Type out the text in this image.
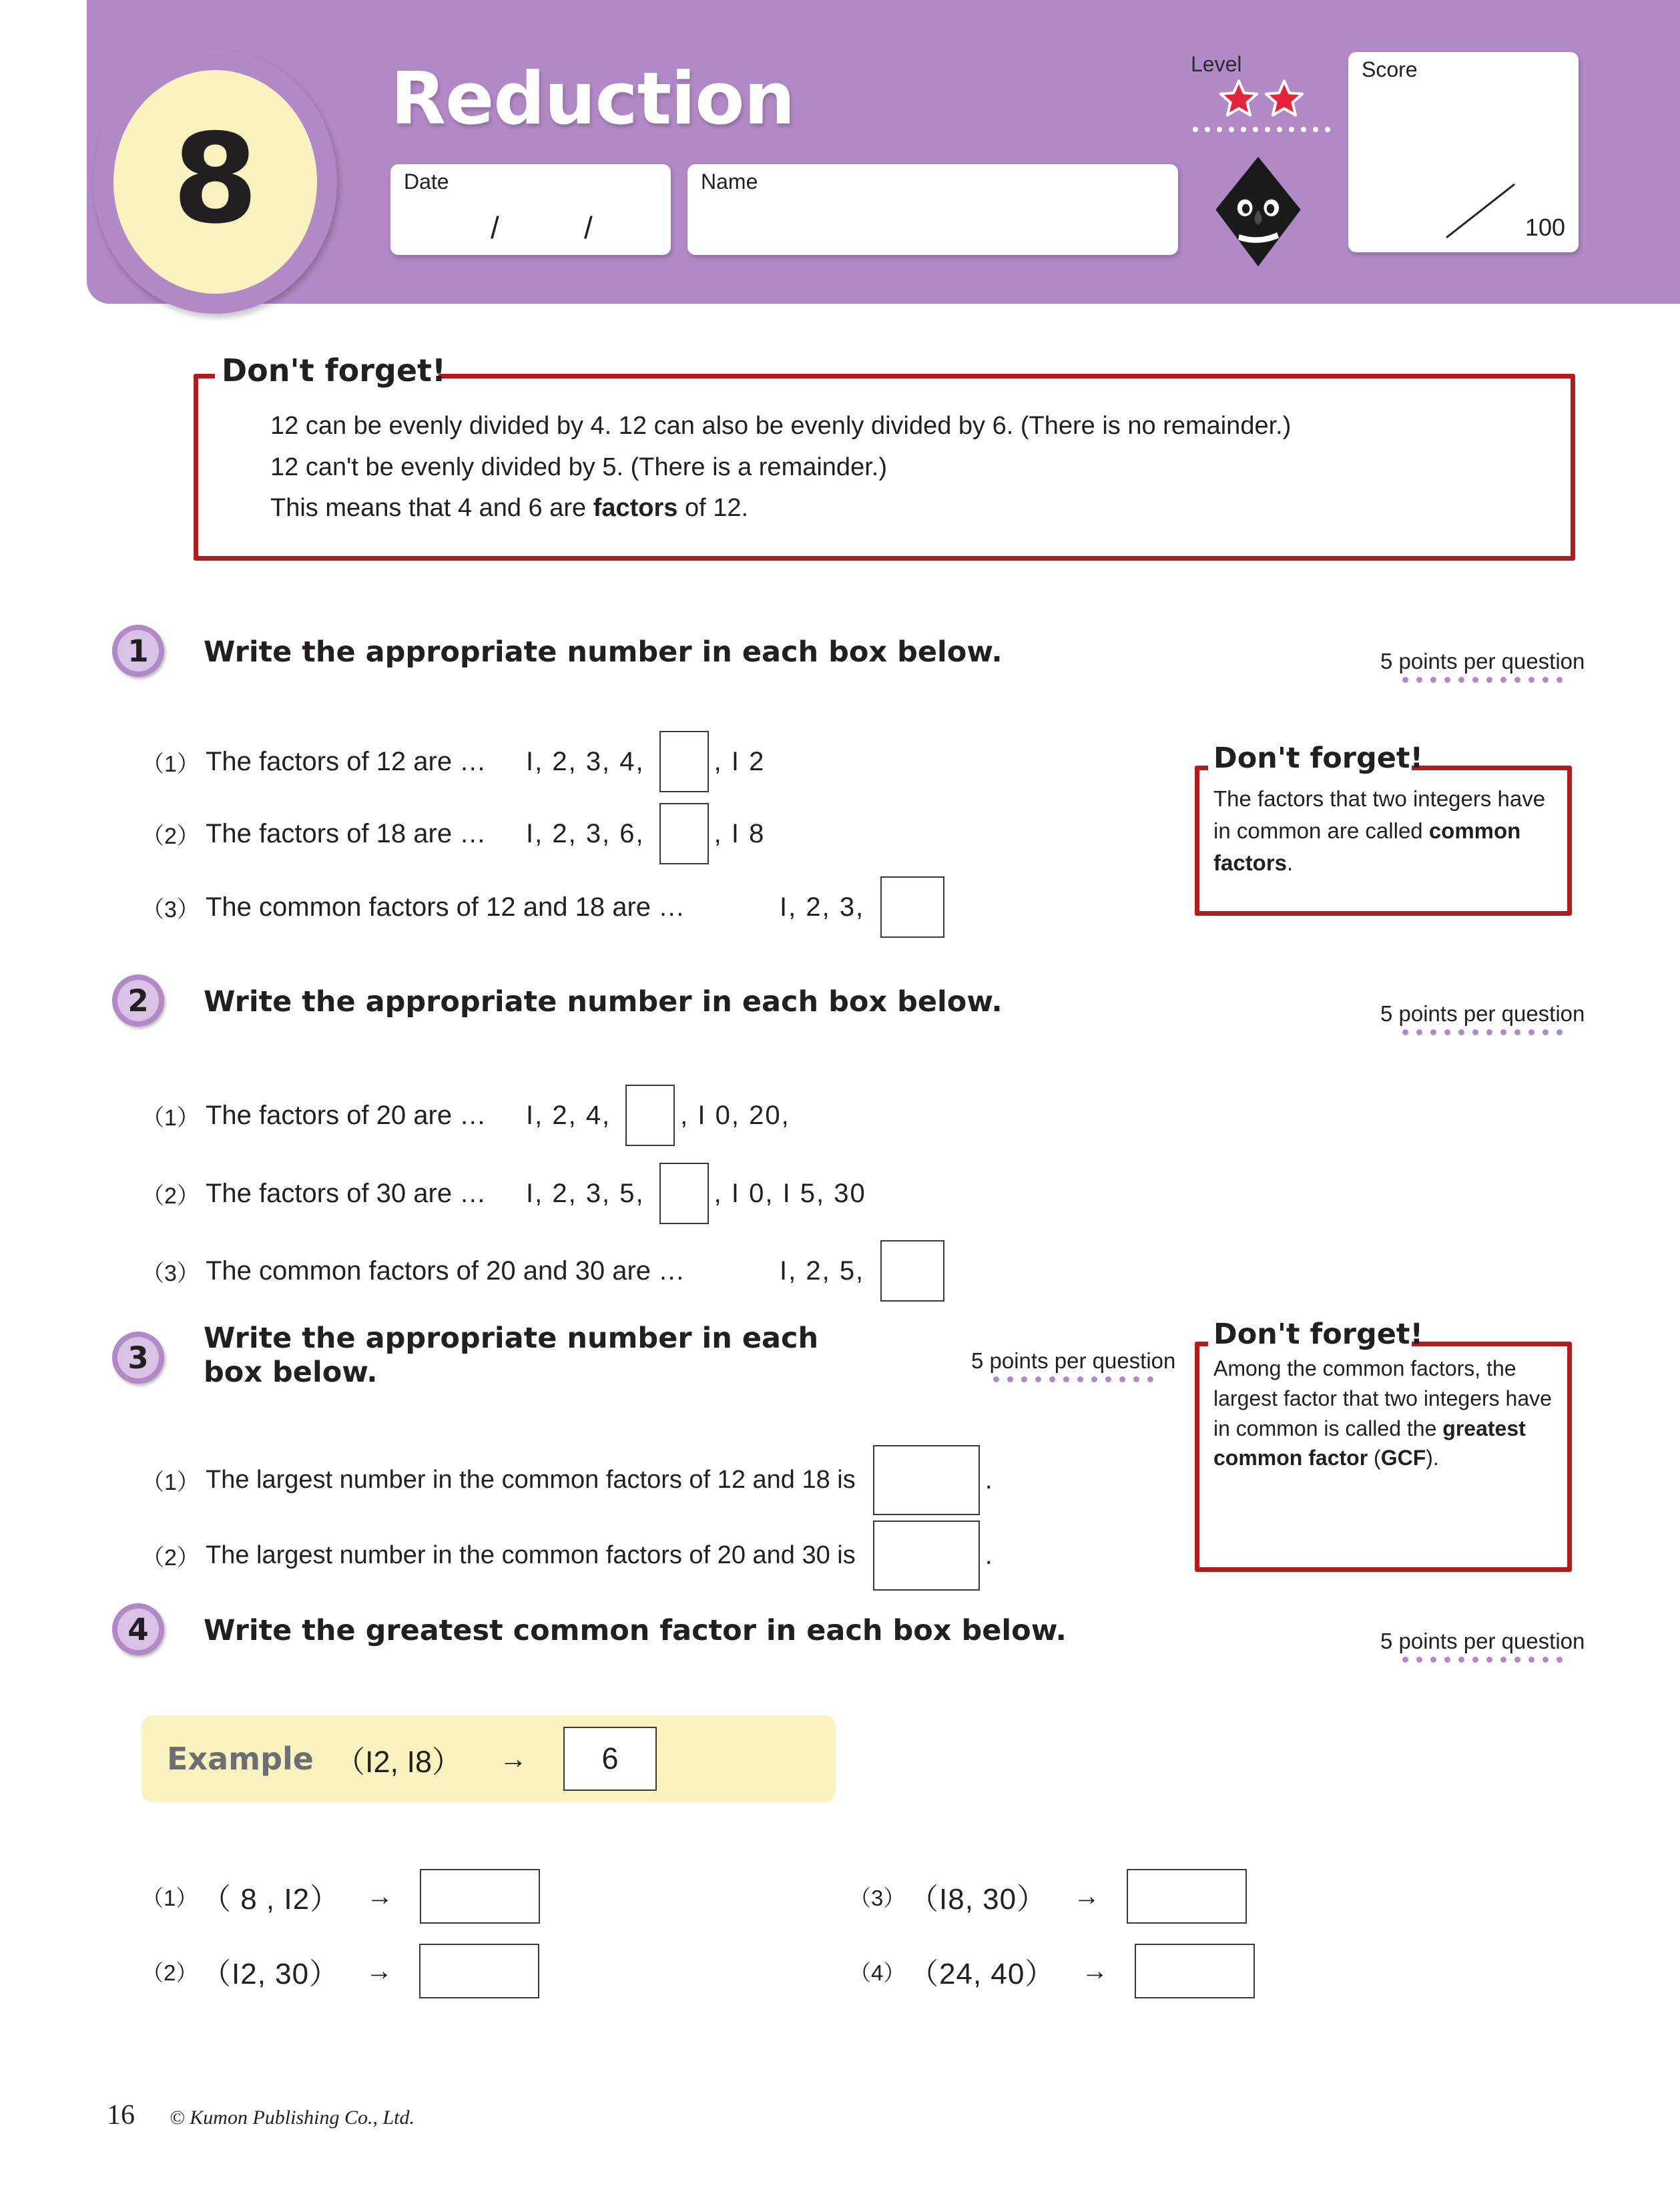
8
Reduction
Date
/	/
Name
Level
	Score
100
Don't forget!
12 can be evenly divided by 4. 12 can also be evenly divided by 6. (There is no remainder.)
12 can't be evenly divided by 5. (There is a remainder.)
This means that 4 and 6 are factors of 12.
1	Write the appropriate number in each box below.	5 points per question
（1） The factors of 12 are …	I, 2, 3, 4,	, I 2
（2） The factors of 18 are …	I, 2, 3, 6,	, I 8
（3） The common factors of 12 and 18 are …	I, 2, 3,
Don't forget!
The factors that two integers have in common are called common factors.
2	Write the appropriate number in each box below.	5 points per question
（1） The factors of 20 are …	I, 2, 4,	, I 0, 20,
（2） The factors of 30 are …	I, 2, 3, 5,	, I 0, I 5, 30
（3） The common factors of 20 and 30 are …	I, 2, 5,
3
Write the appropriate number in each
box below.	5 points per question
（1） The largest number in the common factors of 12 and 18 is	.
（2） The largest number in the common factors of 20 and 30 is	.
Don't forget!
Among the common factors, the largest factor that two integers have in common is called the greatest common factor (GCF).
4	Write the greatest common factor in each box below.	5 points per question
Example （I2, I8） →	6
（1） （ 8 , I2） →	（3） （I8, 30） →
（2） （I2, 30） →	（4） （24, 40） →
16 © Kumon Publishing Co., Ltd.
